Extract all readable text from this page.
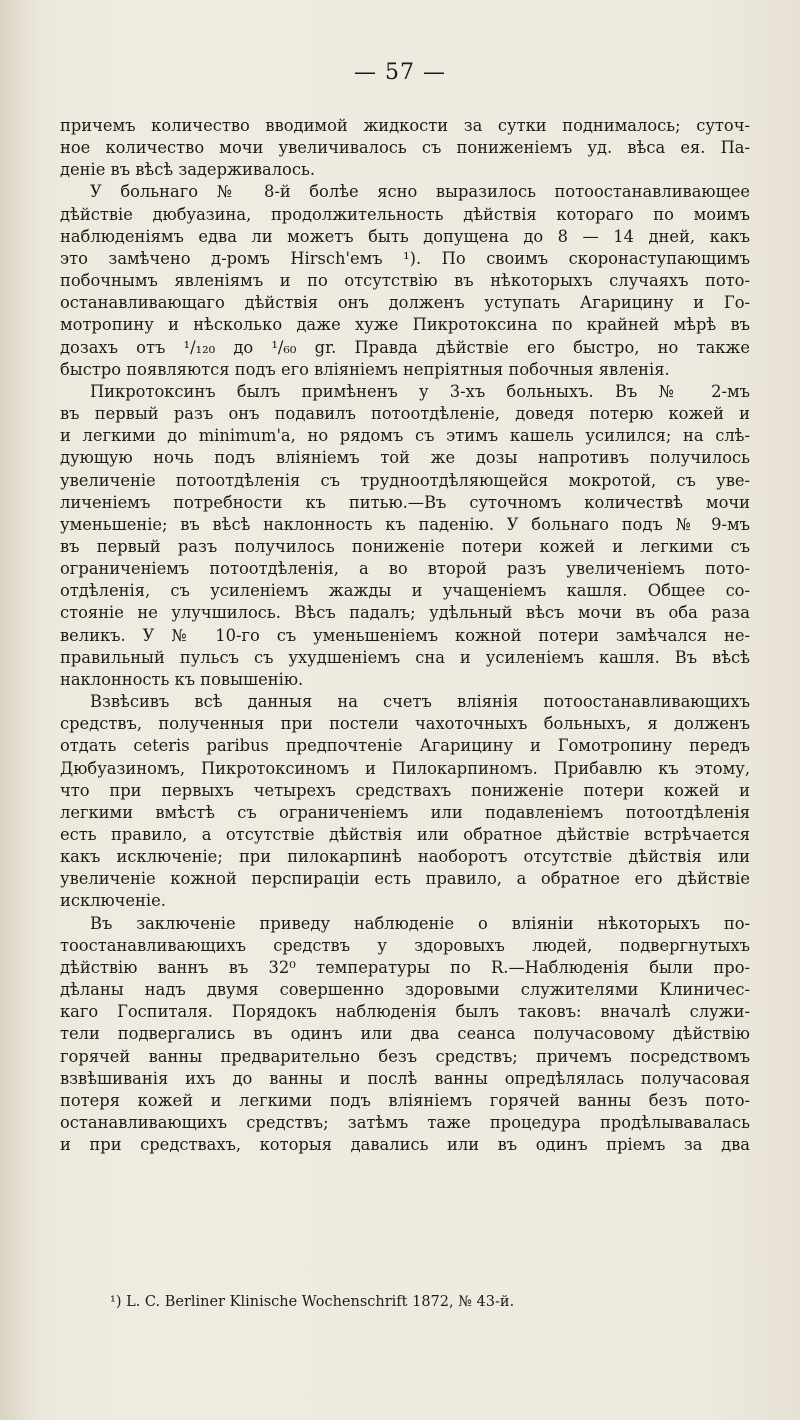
— 57 —

причемъ количество вводимой жидкости за сутки поднималось; суточ-

ное количество мочи увеличивалось съ пониженіемъ уд. вѣса ея. Па-

деніе въ вѣсѣ задерживалось.

У больнаго № 8-й болѣе ясно выразилось потоостанавливающее

дѣйствіе дюбуазина, продолжительность дѣйствія котораго по моимъ

наблюденіямъ едва ли можетъ быть допущена до 8 — 14 дней, какъ

это замѣчено д-ромъ Hirsch'емъ ¹). По своимъ скоронаступающимъ

побочнымъ явленіямъ и по отсутствію въ нѣкоторыхъ случаяхъ пото-

останавливающаго дѣйствія онъ долженъ уступать Агарицину и Го-

мотропину и нѣсколько даже хуже Пикротоксина по крайней мѣрѣ въ

дозахъ отъ ¹/₁₂₀ до ¹/₆₀ gr. Правда дѣйствіе его быстро, но также

быстро появляются подъ его вліяніемъ непріятныя побочныя явленія.

Пикротоксинъ былъ примѣненъ у 3-хъ больныхъ. Въ № 2-мъ

въ первый разъ онъ подавилъ потоотдѣленіе, доведя потерю кожей и

и легкими до minimum'а, но рядомъ съ этимъ кашель усилился; на слѣ-

дующую ночь подъ вліяніемъ той же дозы напротивъ получилось

увеличеніе потоотдѣленія съ трудноотдѣляющейся мокротой, съ уве-

личеніемъ потребности къ питью.—Въ суточномъ количествѣ мочи

уменьшеніе; въ вѣсѣ наклонность къ паденію. У больнаго подъ № 9-мъ

въ первый разъ получилось пониженіе потери кожей и легкими съ

ограниченіемъ потоотдѣленія, а во второй разъ увеличеніемъ пото-

отдѣленія, съ усиленіемъ жажды и учащеніемъ кашля. Общее со-

стояніе не улучшилось. Вѣсъ падалъ; удѣльный вѣсъ мочи въ оба раза

великъ. У № 10-го съ уменьшеніемъ кожной потери замѣчался не-

правильный пульсъ съ ухудшеніемъ сна и усиленіемъ кашля. Въ вѣсѣ

наклонность къ повышенію.

Взвѣсивъ всѣ данныя на счетъ вліянія потоостанавливающихъ

средствъ, полученныя при постели чахоточныхъ больныхъ, я долженъ

отдать ceteris paribus предпочтеніе Агарицину и Гомотропину передъ

Дюбуазиномъ, Пикротоксиномъ и Пилокарпиномъ. Прибавлю къ этому,

что при первыхъ четырехъ средствахъ пониженіе потери кожей и

легкими вмѣстѣ съ ограниченіемъ или подавленіемъ потоотдѣленія

есть правило, а отсутствіе дѣйствія или обратное дѣйствіе встрѣчается

какъ исключеніе; при пилокарпинѣ наоборотъ отсутствіе дѣйствія или

увеличеніе кожной перспираціи есть правило, а обратное его дѣйствіе

исключеніе.

Въ заключеніе приведу наблюденіе о вліяніи нѣкоторыхъ по-

тоостанавливающихъ средствъ у здоровыхъ людей, подвергнутыхъ

дѣйствію ваннъ въ 32⁰ температуры по R.—Наблюденія были про-

дѣланы надъ двумя совершенно здоровыми служителями Клиничес-

каго Госпиталя. Порядокъ наблюденія былъ таковъ: вначалѣ служи-

тели подвергались въ одинъ или два сеанса получасовому дѣйствію

горячей ванны предварительно безъ средствъ; причемъ посредствомъ

взвѣшиванія ихъ до ванны и послѣ ванны опредѣлялась получасовая

потеря кожей и легкими подъ вліяніемъ горячей ванны безъ пото-

останавливающихъ средствъ; затѣмъ таже процедура продѣлывавалась

и при средствахъ, которыя давались или въ одинъ пріемъ за два

¹) L. C. Berliner Klinische Wochenschrift 1872, № 43-й.
